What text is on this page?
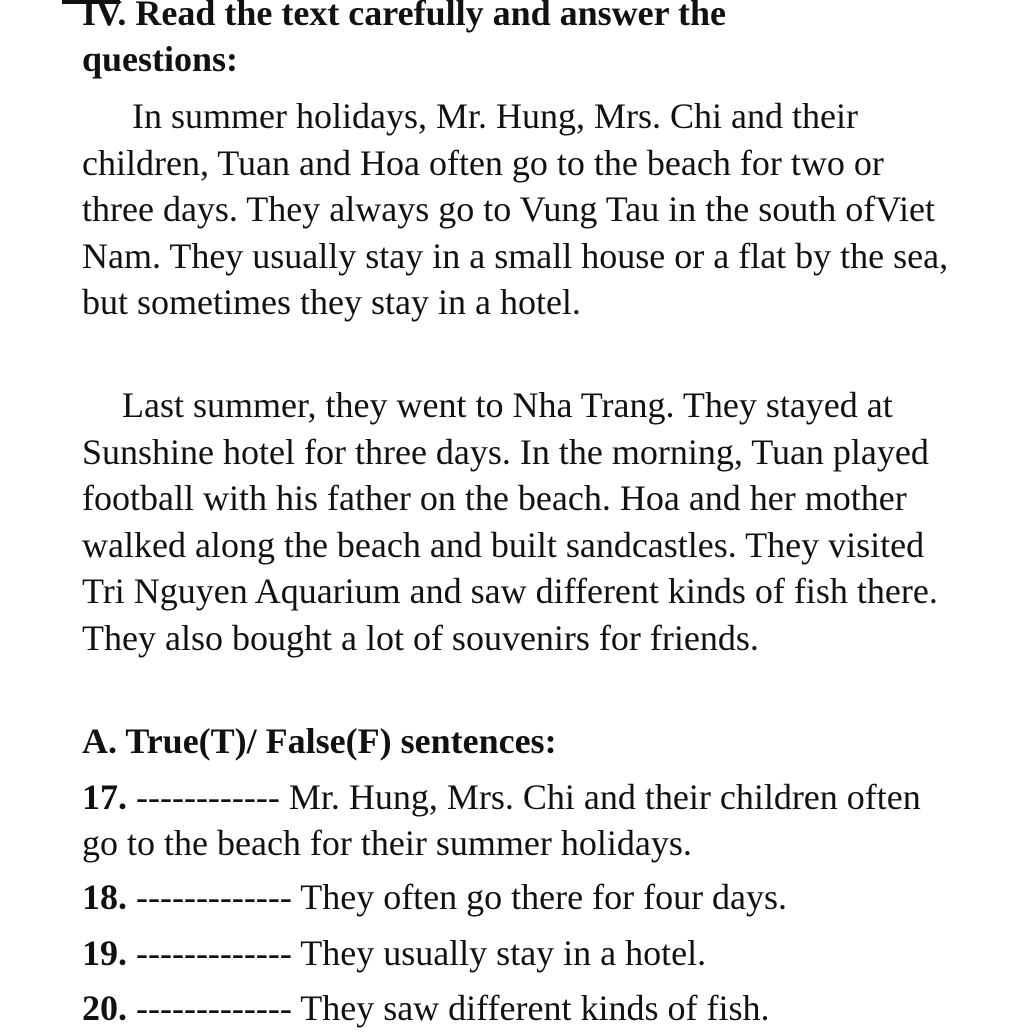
IV. Read the text carefully and answer the
questions:

In summer holidays, Mr. Hung, Mrs. Chi and their children, Tuan and Hoa often go to the beach for two or three days. They always go to Vung Tau in the south ofViet Nam. They usually stay in a small house or a flat by the sea, but sometimes they stay in a hotel.

Last summer, they went to Nha Trang. They stayed at Sunshine hotel for three days. In the morning, Tuan played football with his father on the beach. Hoa and her mother walked along the beach and built sandcastles. They visited Tri Nguyen Aquarium and saw different kinds of fish there. They also bought a lot of souvenirs for friends.

A. True(T)/ False(F) sentences:

17. ------------ Mr. Hung, Mrs. Chi and their children often go to the beach for their summer holidays.

18. ------------- They often go there for four days.

19. ------------- They usually stay in a hotel.

20. ------------- They saw different kinds of fish.
